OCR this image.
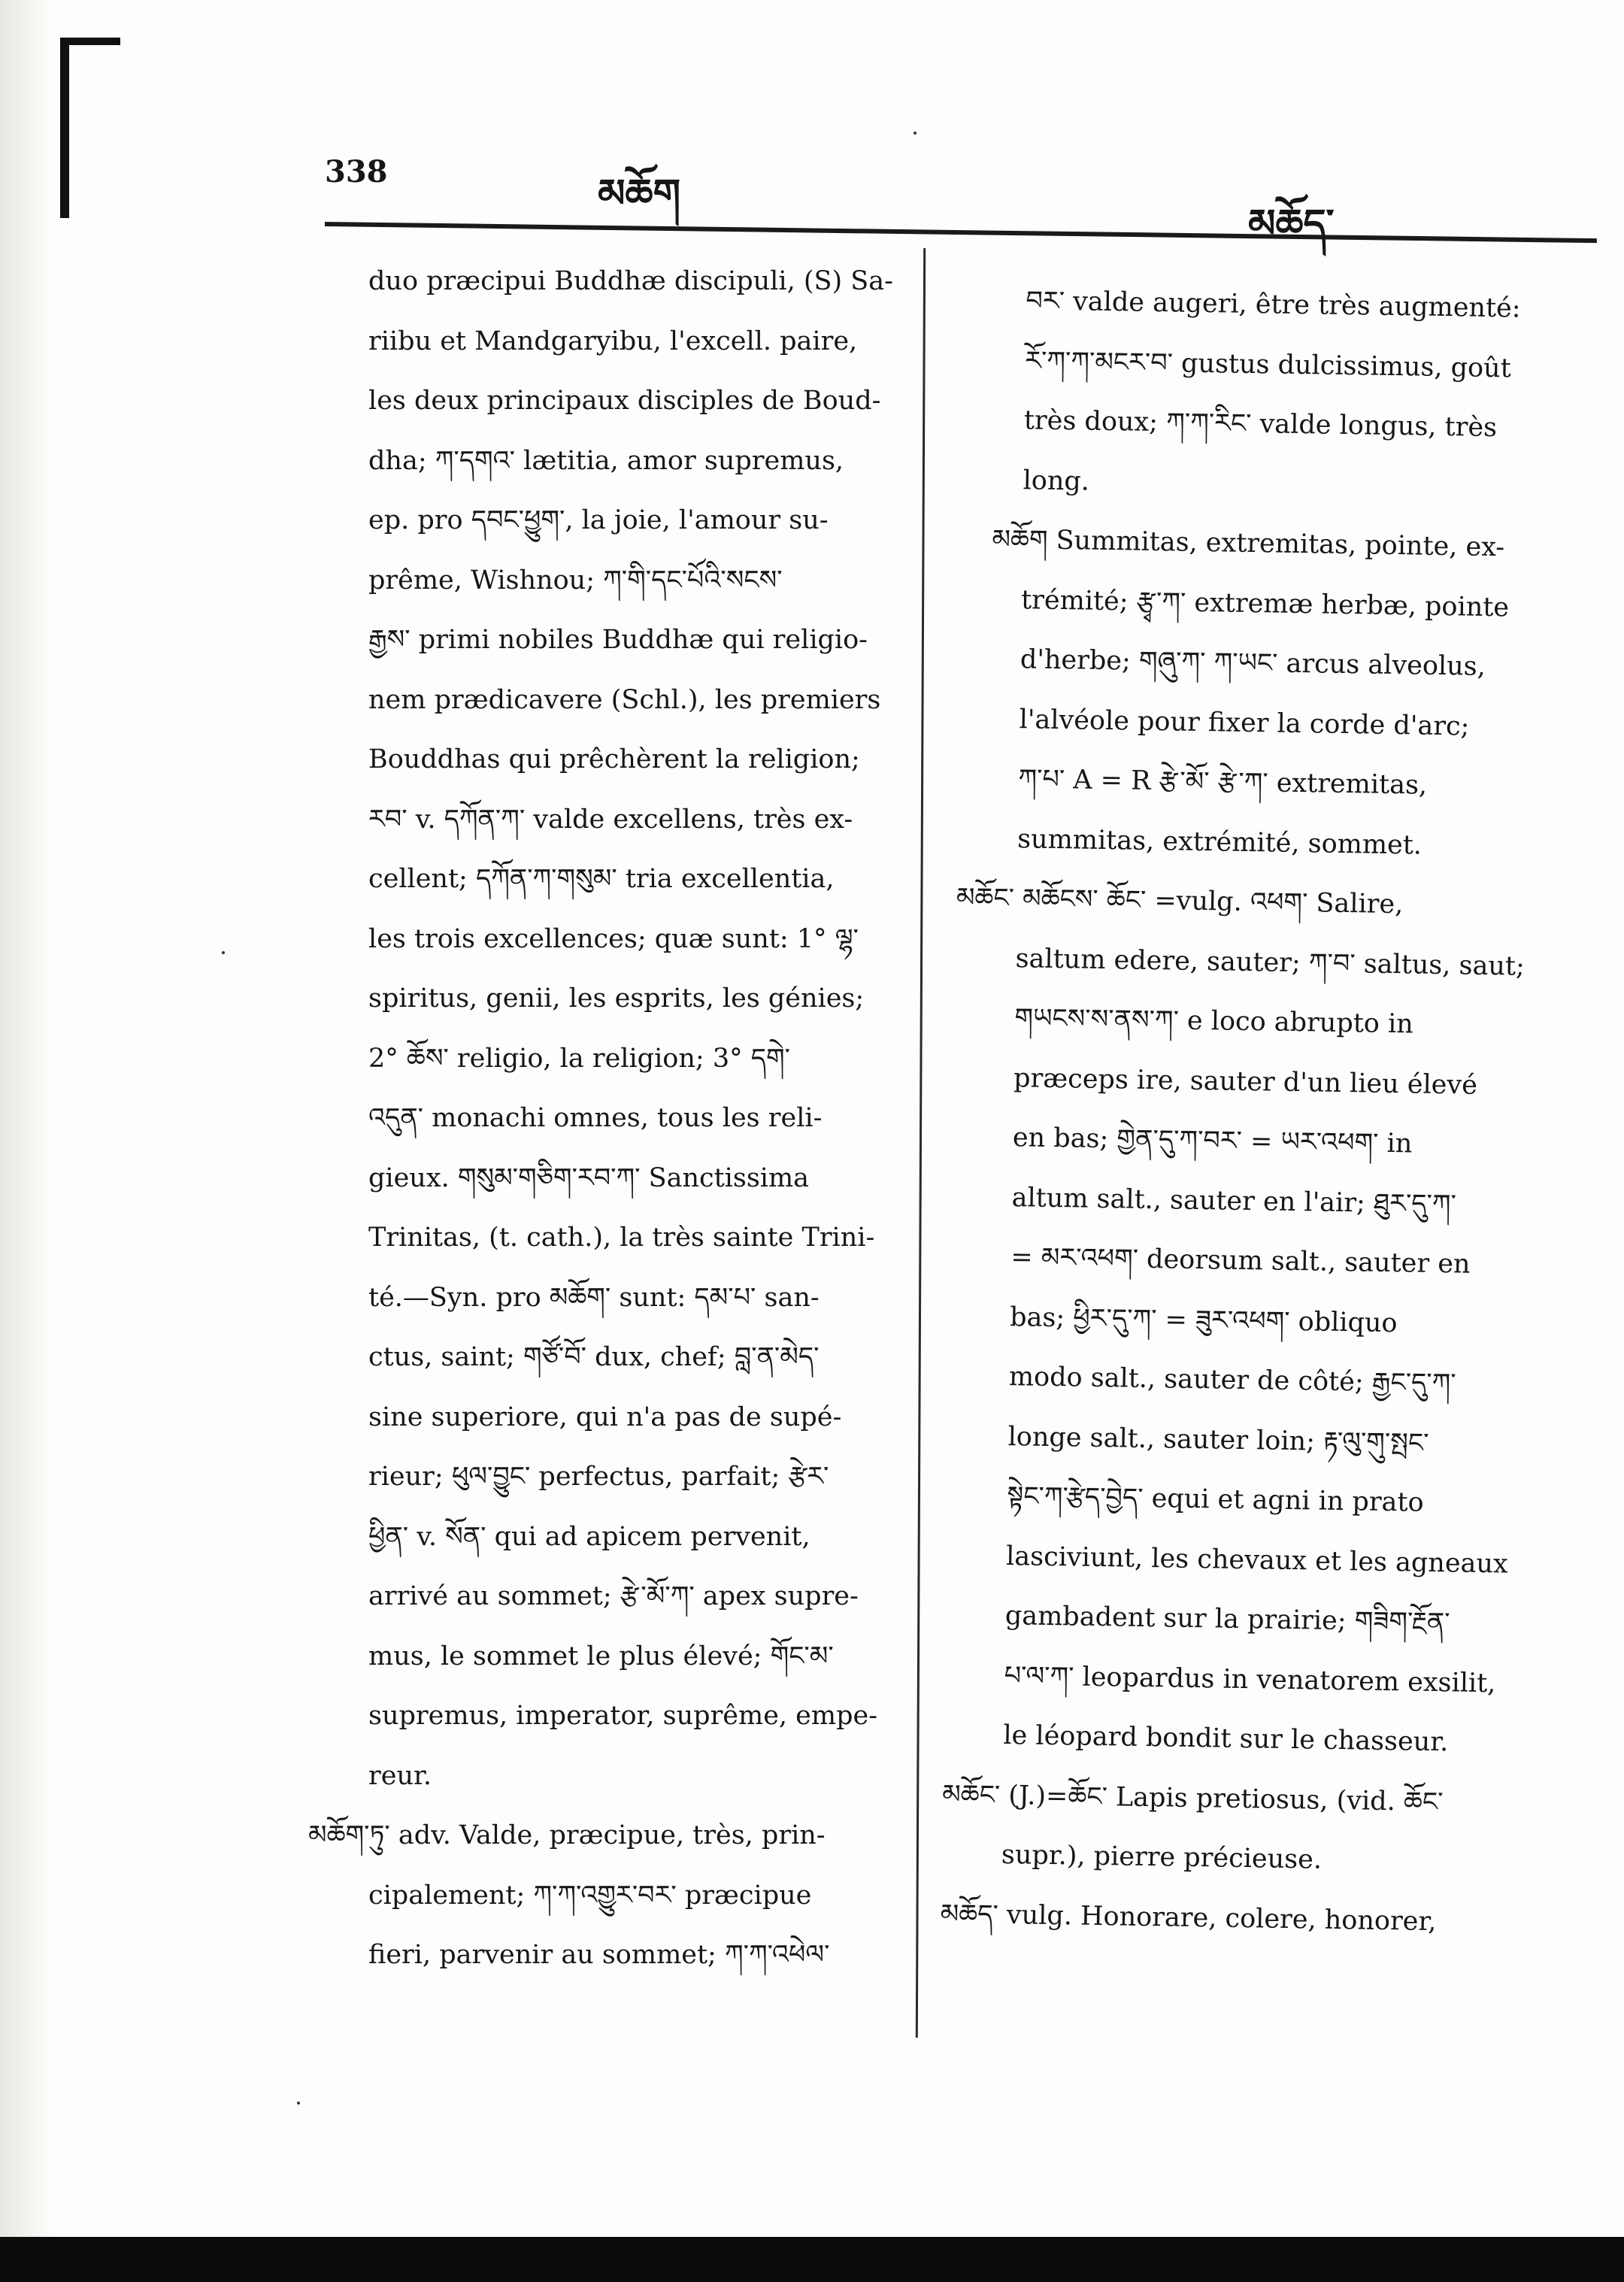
338	མཆོག
མཆོད་
duo præcipui Buddhæ discipuli, (S) Sa-
riibu et Mandgaryibu, l'excell. paire,
les deux principaux disciples de Boud-
dha; ཀ་དགའ་ lætitia, amor supremus,
ep. pro དབང་ཕྱུག་, la joie, l'amour su-
prême, Wishnou; ཀ་གི་དང་པོའི་སངས་
རྒྱས་ primi nobiles Buddhæ qui religio-
nem prædicavere (Schl.), les premiers
Bouddhas qui prêchèrent la religion;
རབ་ v. དཀོན་ཀ་ valde excellens, très ex-
cellent; དཀོན་ཀ་གསུམ་ tria excellentia,
les trois excellences; quæ sunt: 1° ལྷ་
spiritus, genii, les esprits, les génies;
2° ཆོས་ religio, la religion; 3° དགེ་
འདུན་ monachi omnes, tous les reli-
gieux. གསུམ་གཅིག་རབ་ཀ་ Sanctissima
Trinitas, (t. cath.), la très sainte Trini-
té.—Syn. pro མཆོག་ sunt: དམ་པ་ san-
ctus, saint; གཙོ་བོ་ dux, chef; བླ་ན་མེད་
sine superiore, qui n'a pas de supé-
rieur; ཕུལ་བྱུང་ perfectus, parfait; རྩེར་
ཕྱིན་ v. སོན་ qui ad apicem pervenit,
arrivé au sommet; རྩེ་མོ་ཀ་ apex supre-
mus, le sommet le plus élevé; གོང་མ་
supremus, imperator, suprême, empe-
reur.
མཆོག་ཏུ་ adv. Valde, præcipue, très, prin-
cipalement; ཀ་ཀ་འགྱུར་བར་ præcipue
fieri, parvenir au sommet; ཀ་ཀ་འཕེལ་
བར་ valde augeri, être très augmenté:
རོ་ཀ་ཀ་མངར་བ་ gustus dulcissimus, goût
très doux; ཀ་ཀ་རིང་ valde longus, très
long.
མཆོག Summitas, extremitas, pointe, ex-
trémité; རྩྭ་ཀ་ extremæ herbæ, pointe
d'herbe; གཞུ་ཀ་ ཀ་ཡང་ arcus alveolus,
l'alvéole pour fixer la corde d'arc;
ཀ་པ་ A = R རྩེ་མོ་ རྩེ་ཀ་ extremitas,
summitas, extrémité, sommet.
མཆོང་ མཆོངས་ ཆོང་ =vulg. འཕག་ Salire,
saltum edere, sauter; ཀ་བ་ saltus, saut;
གཡངས་ས་ནས་ཀ་ e loco abrupto in
præceps ire, sauter d'un lieu élevé
en bas; གྱེན་དུ་ཀ་བར་ = ཡར་འཕག་ in
altum salt., sauter en l'air; ཐུར་དུ་ཀ་
= མར་འཕག་ deorsum salt., sauter en
bas; ཕྱིར་དུ་ཀ་ = ཟུར་འཕག་ obliquo
modo salt., sauter de côté; རྒྱང་དུ་ཀ་
longe salt., sauter loin; རྟ་ལུ་གུ་སྤང་
སྟེང་ཀ་རྩེད་བྱེད་ equi et agni in prato
lasciviunt, les chevaux et les agneaux
gambadent sur la prairie; གཟིག་རྔོན་
པ་ལ་ཀ་ leopardus in venatorem exsilit,
le léopard bondit sur le chasseur.
མཆོང་ (J.)=ཆོང་ Lapis pretiosus, (vid. ཆོང་
supr.), pierre précieuse.
མཆོད་ vulg. Honorare, colere, honorer,
